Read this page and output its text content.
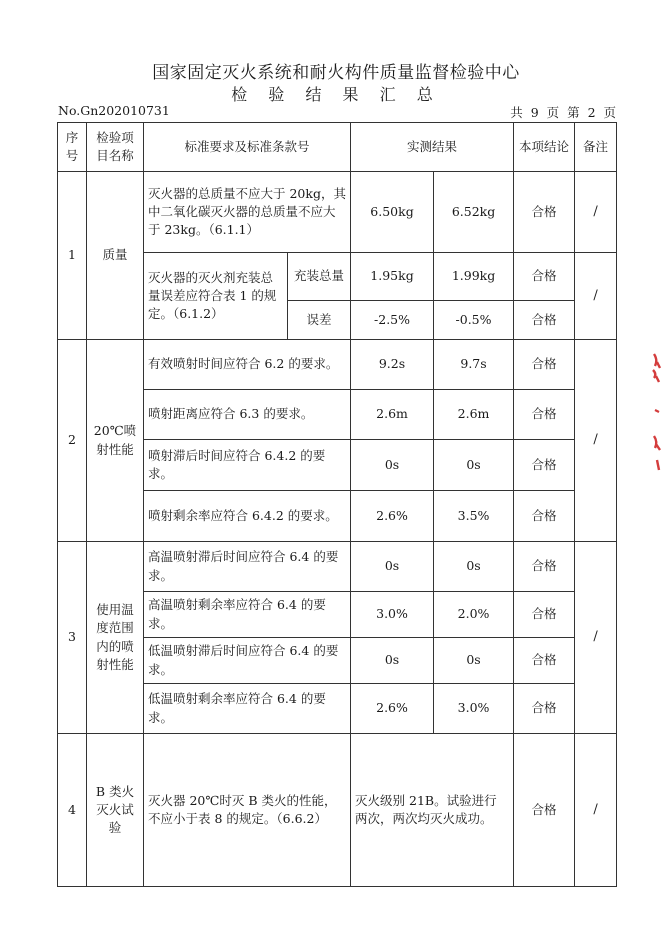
国家固定灭火系统和耐火构件质量监督检验中心
检 验 结 果 汇 总
No.Gn202010731	共 9 页 第 2 页
序号	检验项目名称	标准要求及标准条款号		实测结果		本项结论	备注
1	质量	灭火器的总质量不应大于 20kg，其中二氧化碳灭火器的总质量不应大于 23kg。（6.1.1）		6.50kg	6.52kg	合格	/
		灭火器的灭火剂充装总量误差应符合表 1 的规定。（6.1.2）	充装总量	1.95kg	1.99kg	合格	/
			误差	-2.5%	-0.5%	合格	
2	20℃喷射性能	有效喷射时间应符合 6.2 的要求。		9.2s	9.7s	合格	/
		喷射距离应符合 6.3 的要求。		2.6m	2.6m	合格	
		喷射滞后时间应符合 6.4.2 的要求。		0s	0s	合格	
		喷射剩余率应符合 6.4.2 的要求。		2.6%	3.5%	合格	
3	使用温度范围内的喷射性能	高温喷射滞后时间应符合 6.4 的要求。		0s	0s	合格	/
		高温喷射剩余率应符合 6.4 的要求。		3.0%	2.0%	合格	
		低温喷射滞后时间应符合 6.4 的要求。		0s	0s	合格	
		低温喷射剩余率应符合 6.4 的要求。		2.6%	3.0%	合格	
4	B 类火灭火试验	灭火器 20℃时灭 B 类火的性能，不应小于表 8 的规定。（6.6.2）		灭火级别 21B。试验进行两次，两次均灭火成功。		合格	/
